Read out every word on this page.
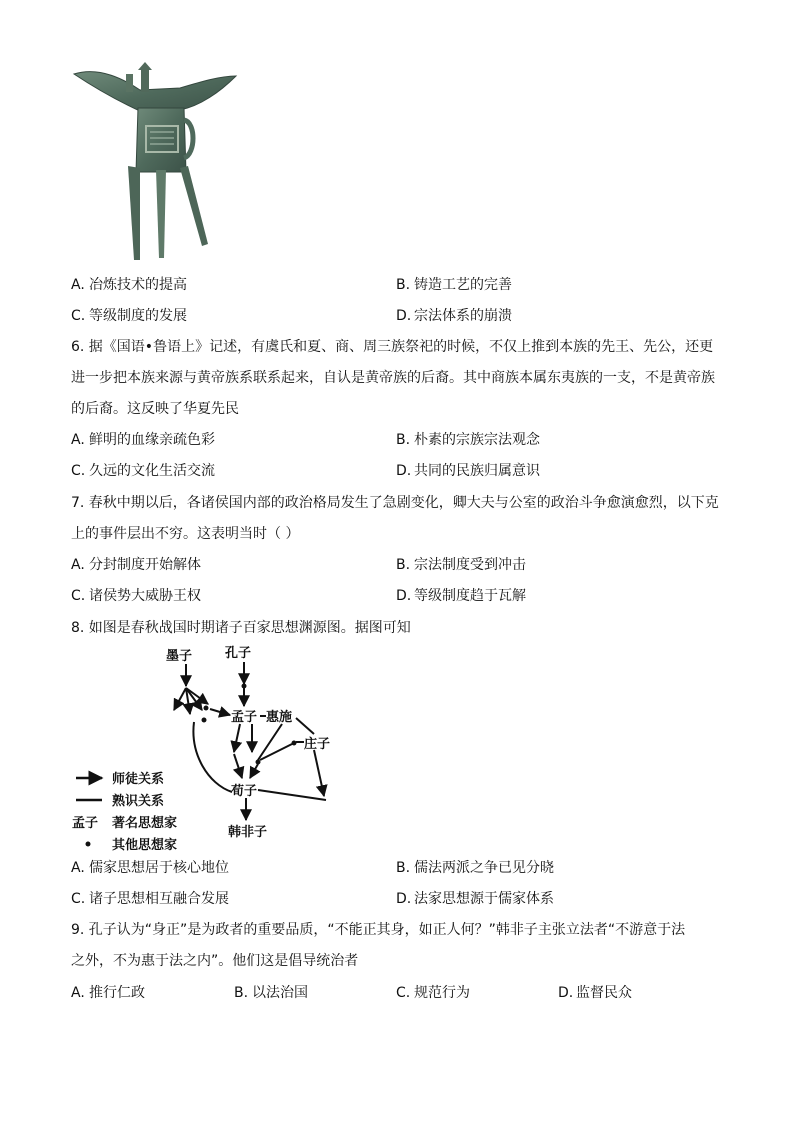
A. 冶炼技术的提高	B. 铸造工艺的完善
C. 等级制度的发展	D. 宗法体系的崩溃
6. 据《国语•鲁语上》记述，有虞氏和夏、商、周三族祭祀的时候，不仅上推到本族的先王、先公，还更
进一步把本族来源与黄帝族系联系起来，自认是黄帝族的后裔。其中商族本属东夷族的一支，不是黄帝族
的后裔。这反映了华夏先民
A. 鲜明的血缘亲疏色彩	B. 朴素的宗族宗法观念
C. 久远的文化生活交流	D. 共同的民族归属意识
7. 春秋中期以后，各诸侯国内部的政治格局发生了急剧变化，卿大夫与公室的政治斗争愈演愈烈，以下克
上的事件层出不穷。这表明当时（ ）
A. 分封制度开始解体	B. 宗法制度受到冲击
C. 诸侯势大威胁王权	D. 等级制度趋于瓦解
8. 如图是春秋战国时期诸子百家思想渊源图。据图可知
墨子	孔子
孟子 惠施
庄子
荀子
韩非子
师徒关系
熟识关系
孟子 著名思想家
其他思想家
A. 儒家思想居于核心地位	B. 儒法两派之争已见分晓
C. 诸子思想相互融合发展	D. 法家思想源于儒家体系
9. 孔子认为“身正”是为政者的重要品质，“不能正其身，如正人何？”韩非子主张立法者“不游意于法
之外，不为惠于法之内”。他们这是倡导统治者
A. 推行仁政	B. 以法治国	C. 规范行为	D. 监督民众
